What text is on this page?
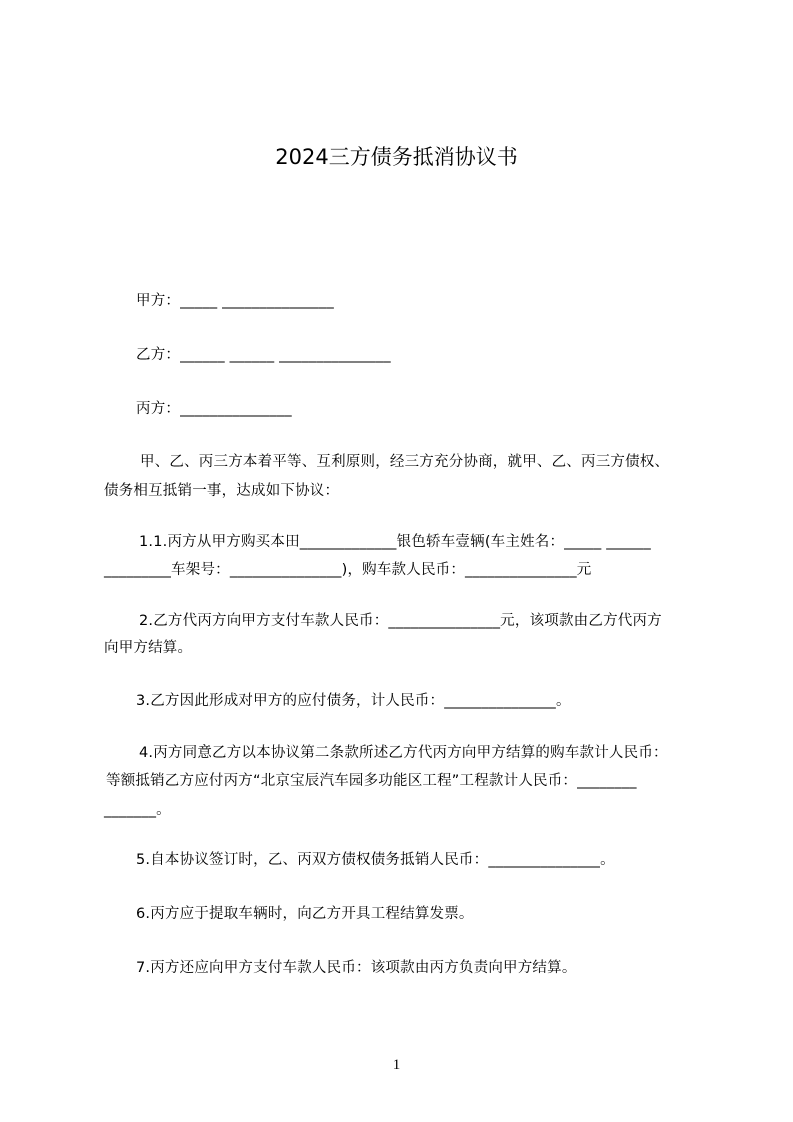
2024三方债务抵消协议书
甲方：_____ _______________
乙方：______ ______ _______________
丙方：_______________
甲、乙、丙三方本着平等、互利原则，经三方充分协商，就甲、乙、丙三方债权、
债务相互抵销一事，达成如下协议：
1.1.丙方从甲方购买本田_____________银色轿车壹辆(车主姓名：_____ ______
_________车架号：_______________)，购车款人民币：_______________元
2.乙方代丙方向甲方支付车款人民币：_______________元，该项款由乙方代丙方
向甲方结算。
3.乙方因此形成对甲方的应付债务，计人民币：_______________。
4.丙方同意乙方以本协议第二条款所述乙方代丙方向甲方结算的购车款计人民币：
等额抵销乙方应付丙方“北京宝辰汽车园多功能区工程”工程款计人民币：________
_______。
5.自本协议签订时，乙、丙双方债权债务抵销人民币：_______________。
6.丙方应于提取车辆时，向乙方开具工程结算发票。
7.丙方还应向甲方支付车款人民币：该项款由丙方负责向甲方结算。
1
